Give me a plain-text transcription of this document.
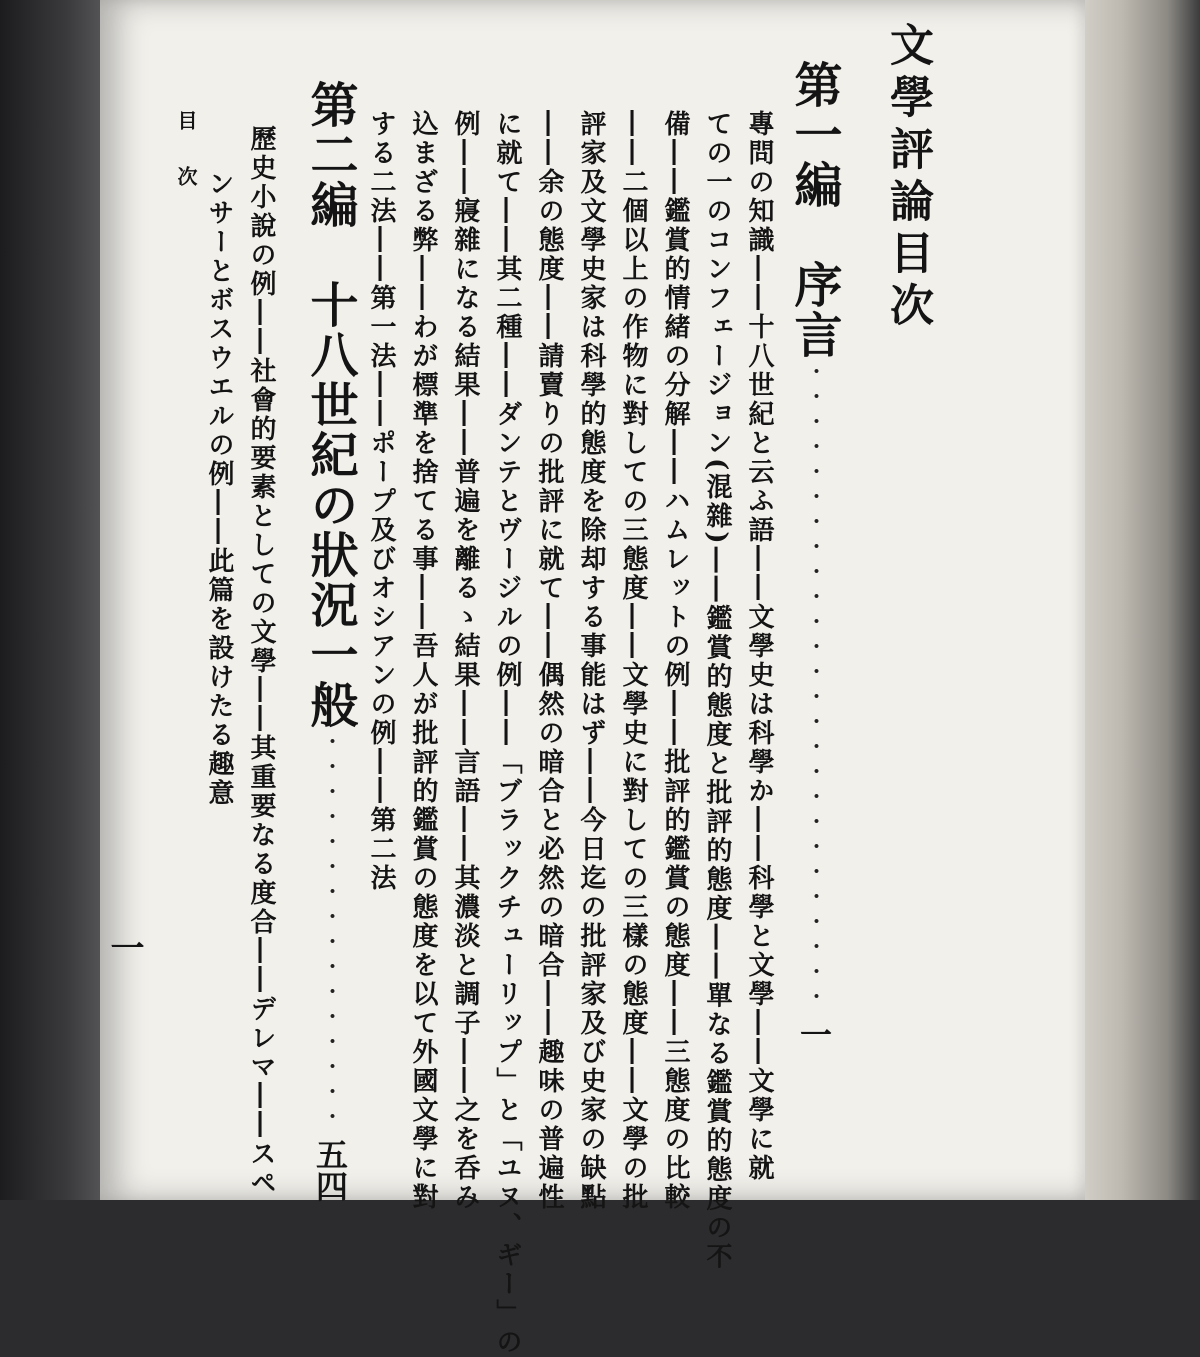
文學評論目次
第一編　序言・・・・・・・・・・・・・・・・・・・・・・・・・・一
專問の知識――十八世紀と云ふ語――文學史は科學か――科學と文學――文學に就
ての一のコンフェージョン(混雜)――鑑賞的態度と批評的態度――單なる鑑賞的態度の不
備――鑑賞的情緒の分解――ハムレットの例――批評的鑑賞の態度――三態度の比較
――二個以上の作物に對しての三態度――文學史に對しての三樣の態度――文學の批
評家及文學史家は科學的態度を除却する事能はず――今日迄の批評家及び史家の缺點
――余の態度――請賣りの批評に就て――偶然の暗合と必然の暗合――趣味の普遍性
に就て――其二種――ダンテとヴージルの例――「ブラックチューリップ」と「ユヌ、ギー」の
例――寢雜になる結果――普遍を離るゝ結果――言語――其濃淡と調子――之を呑み
込まざる弊――わが標準を捨てる事――吾人が批評的鑑賞の態度を以て外國文學に對
する二法――第一法――ポープ及びオシアンの例――第二法
第二編　十八世紀の狀況一般・・・・・・・・・・・・・・・・五四
歷史小說の例――社會的要素としての文學――其重要なる度合――デレマ――スペ
ンサーとボスウエルの例――此篇を設けたる趣意
目　次
一
